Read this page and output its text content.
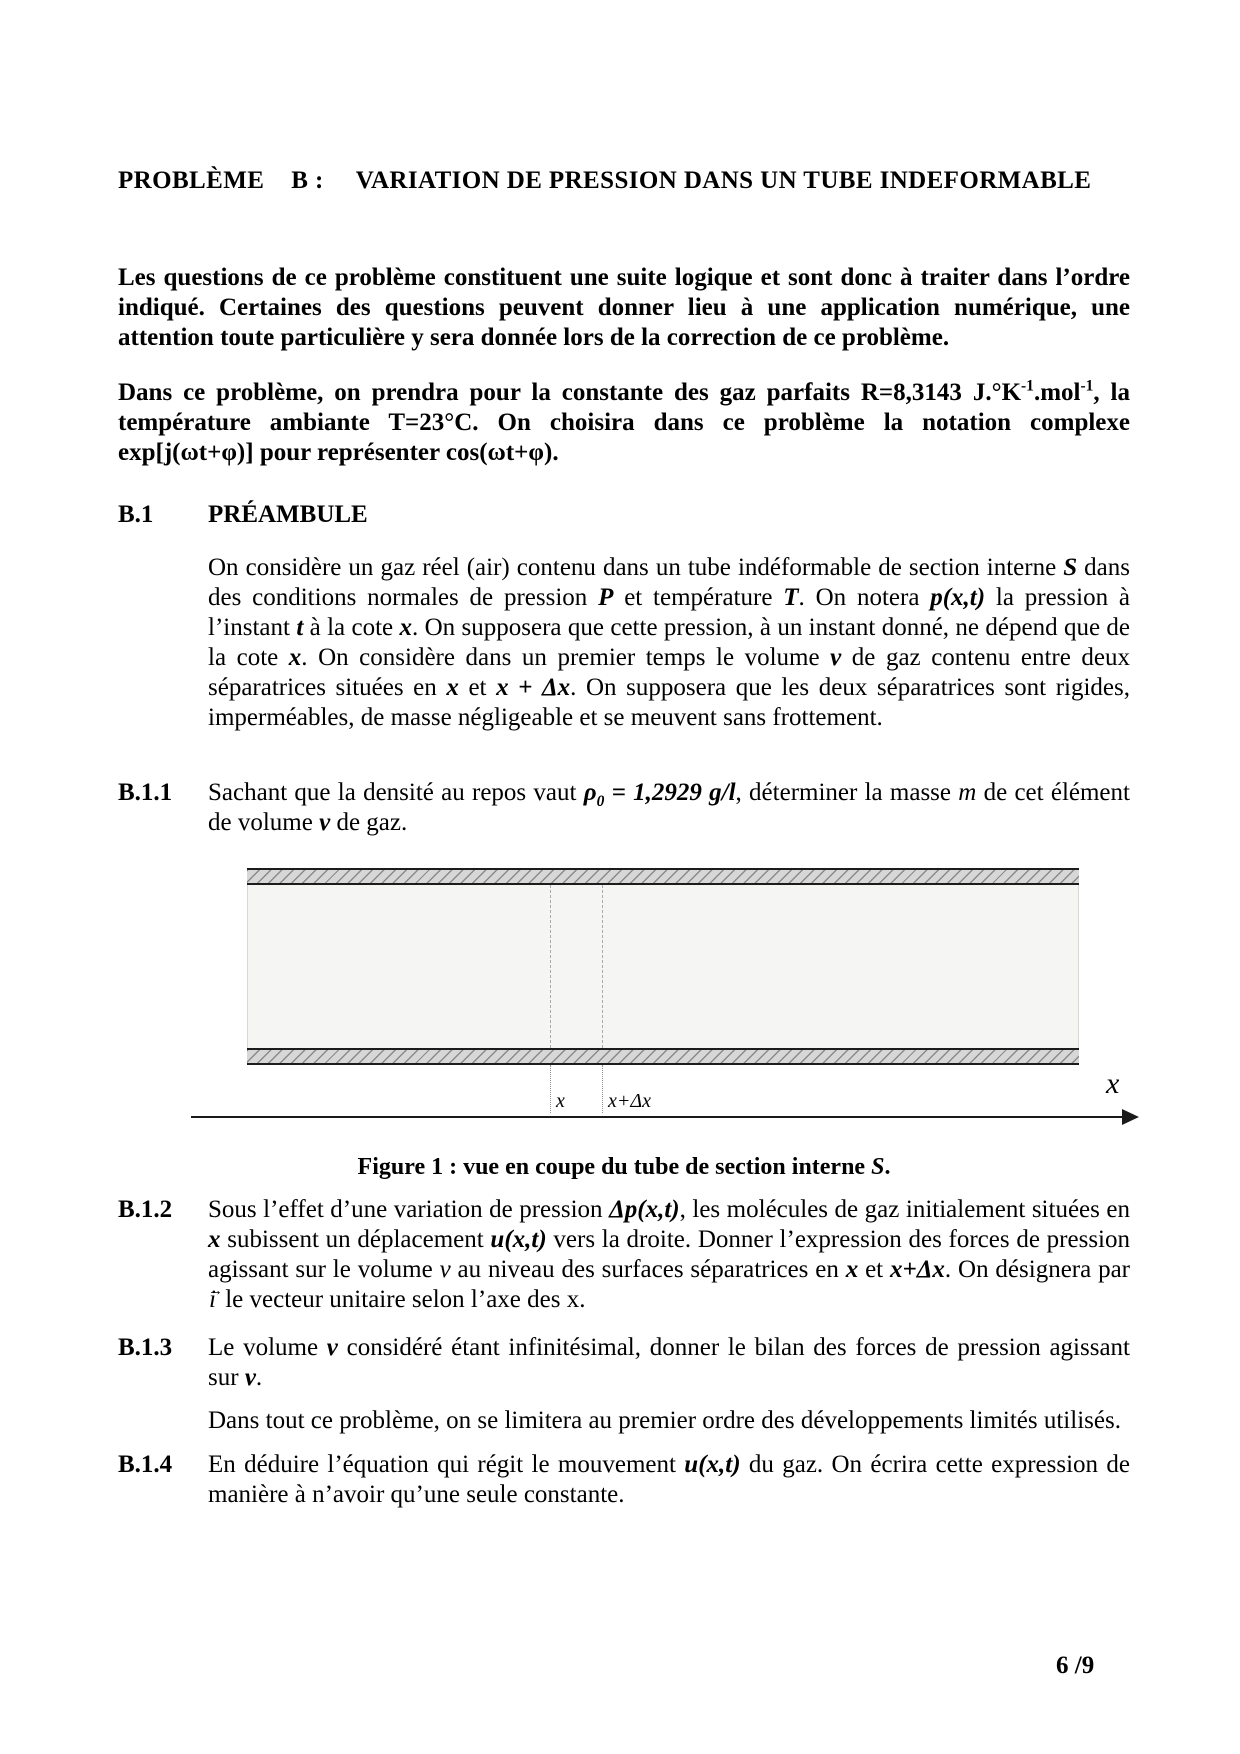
PROBLÈME B : VARIATION DE PRESSION DANS UN TUBE INDEFORMABLE
Les questions de ce problème constituent une suite logique et sont donc à traiter dans l’ordre indiqué. Certaines des questions peuvent donner lieu à une application numérique, une attention toute particulière y sera donnée lors de la correction de ce problème.
Dans ce problème, on prendra pour la constante des gaz parfaits R=8,3143 $J.^\circ K^{-1}.mol^{-1}$, la température ambiante T=23°C. On choisira dans ce problème la notation complexe exp[j(ωt+φ)] pour représenter cos(ωt+φ).
B.1 PRÉAMBULE
On considère un gaz réel (air) contenu dans un tube indéformable de section interne S dans des conditions normales de pression P et température T. On notera p(x,t) la pression à l’instant t à la cote x. On supposera que cette pression, à un instant donné, ne dépend que de la cote x. On considère dans un premier temps le volume v de gaz contenu entre deux séparatrices situées en x et x + Δx. On supposera que les deux séparatrices sont rigides, imperméables, de masse négligeable et se meuvent sans frottement.
B.1.1 Sachant que la densité au repos vaut $\rho_0 = 1,2929$ g/l, déterminer la masse m de cet élément de volume v de gaz.
x x+Δx
x
Figure 1 : vue en coupe du tube de section interne S.
B.1.2 Sous l’effet d’une variation de pression Δp(x,t), les molécules de gaz initialement situées en x subissent un déplacement u(x,t) vers la droite. Donner l’expression des forces de pression agissant sur le volume v au niveau des surfaces séparatrices en x et x+Δx. On désignera par i → le vecteur unitaire selon l’axe des x.
B.1.3 Le volume v considéré étant infinitésimal, donner le bilan des forces de pression agissant sur v.
Dans tout ce problème, on se limitera au premier ordre des développements limités utilisés.
B.1.4 En déduire l’équation qui régit le mouvement u(x,t) du gaz. On écrira cette expression de manière à n’avoir qu’une seule constante.
6 /9
